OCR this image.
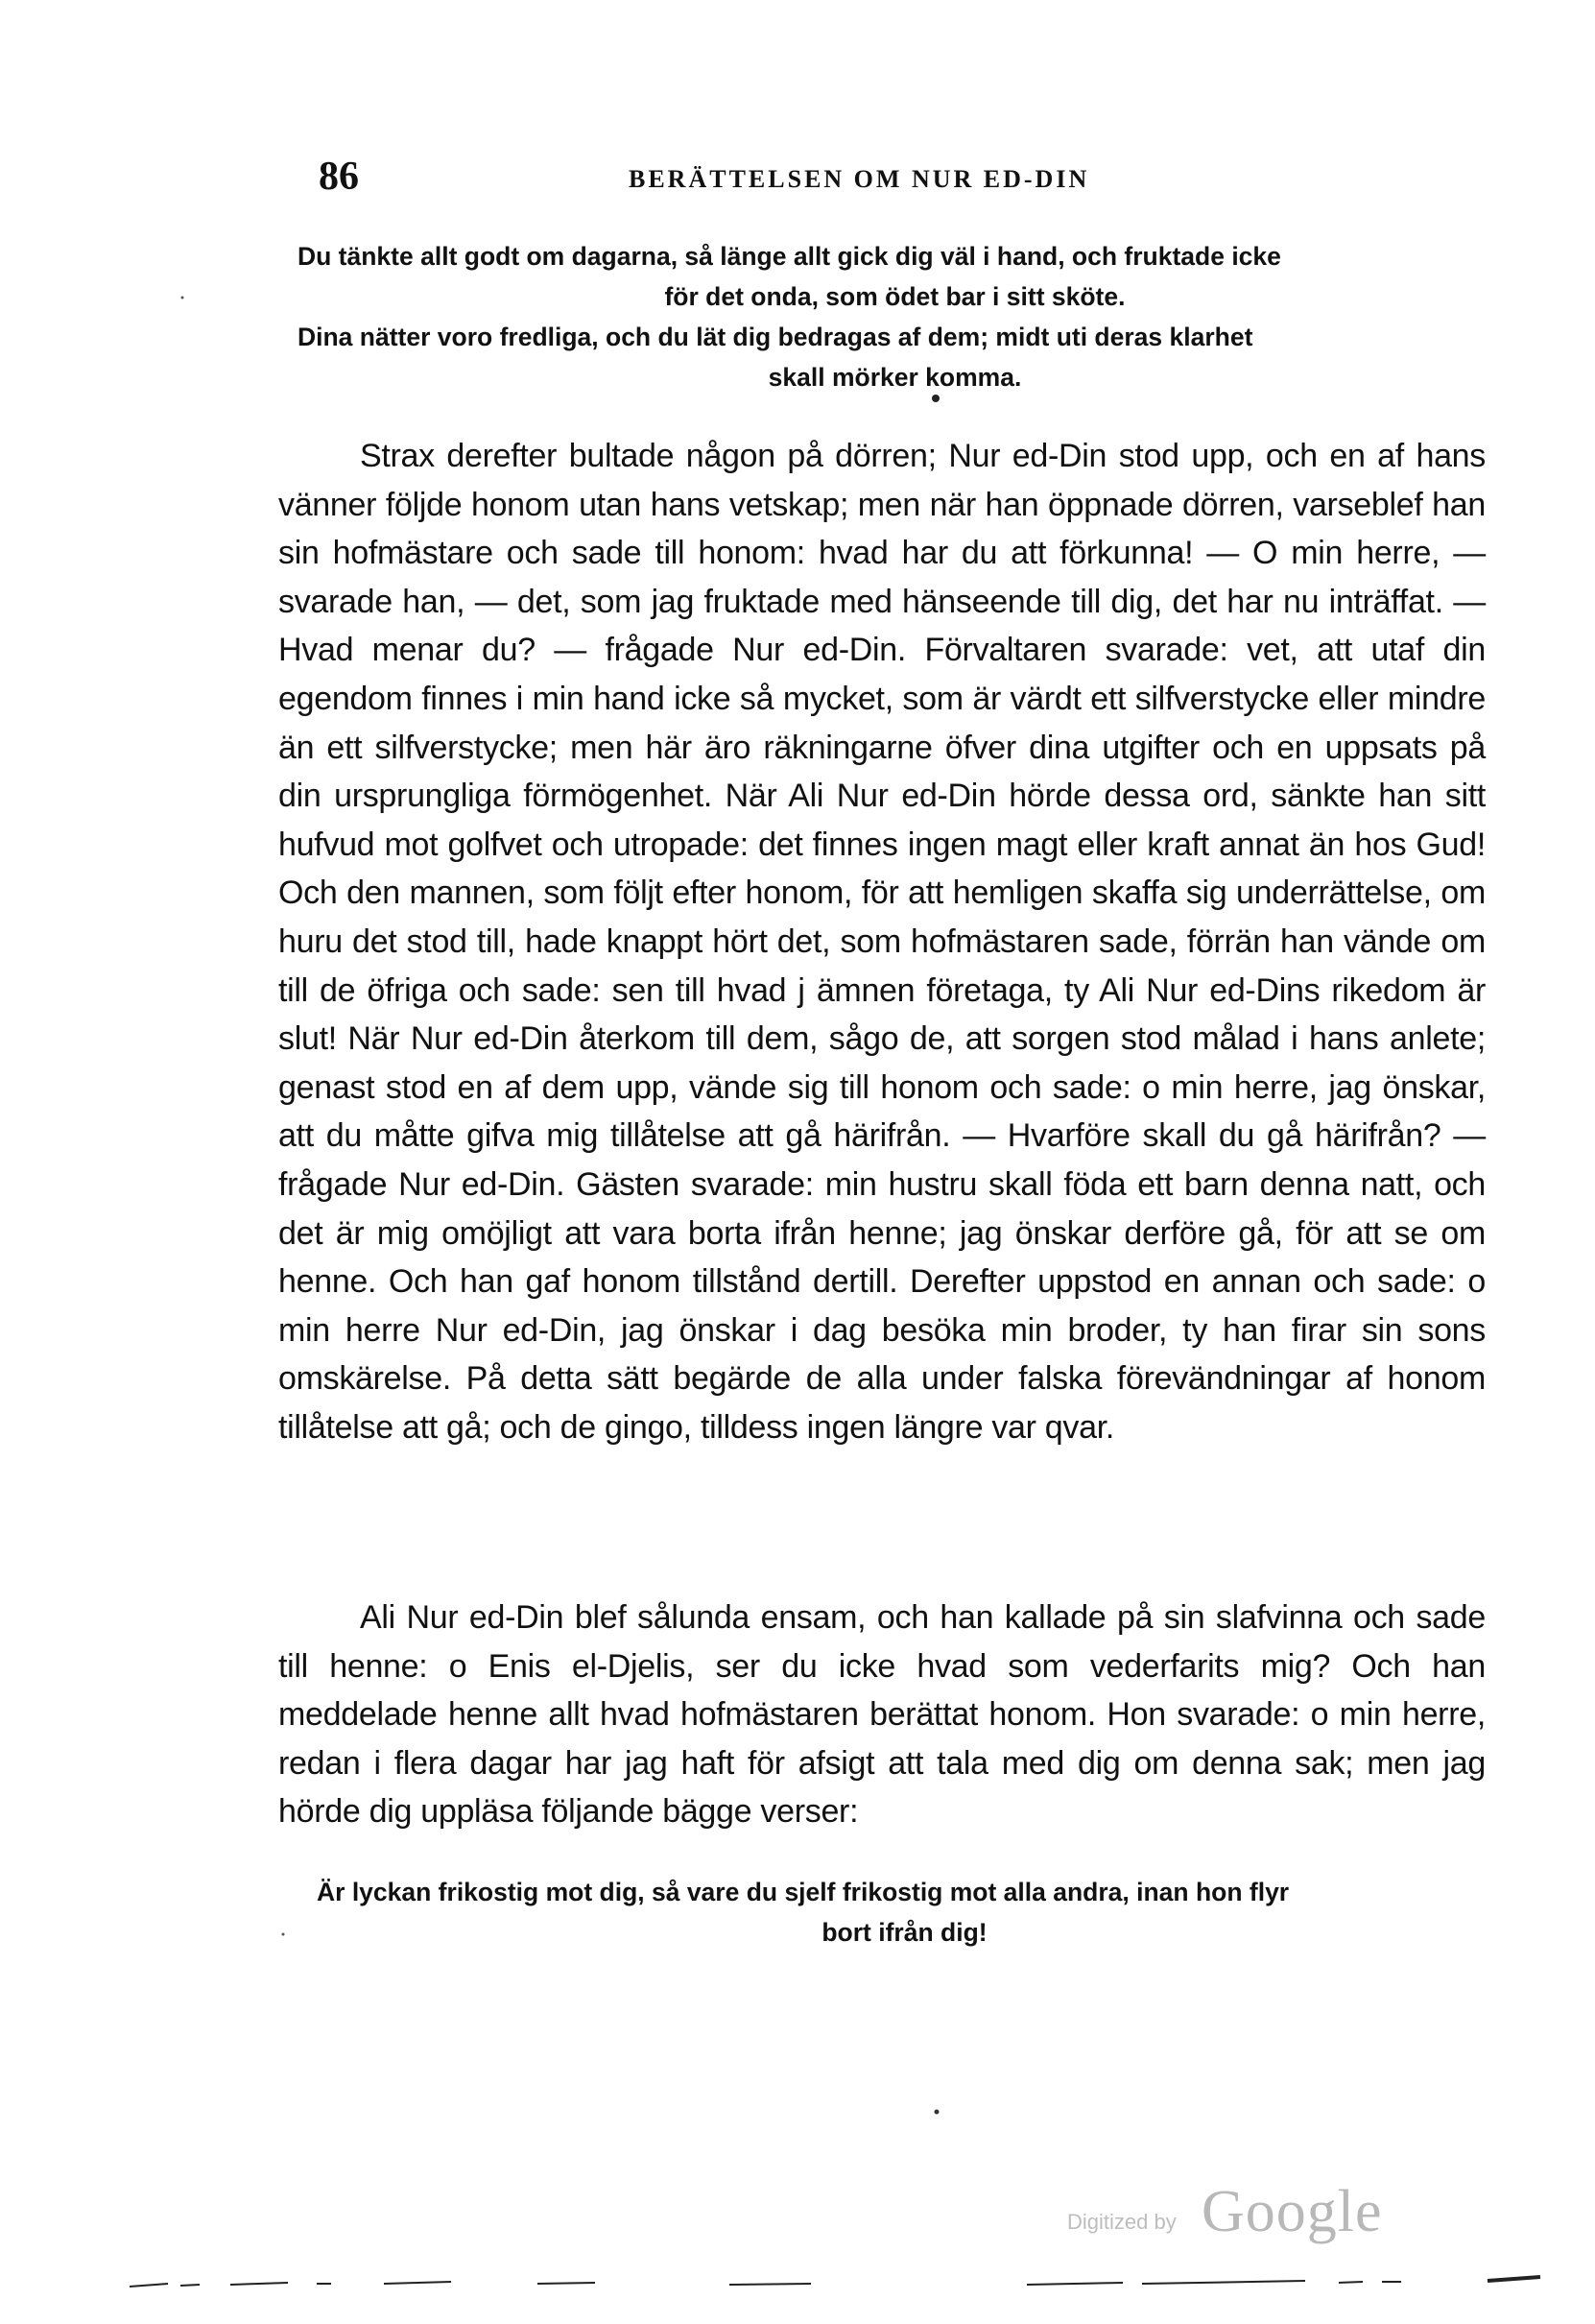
86	BERÄTTELSEN OM NUR ED-DIN
Du tänkte allt godt om dagarna, så länge allt gick dig väl i hand, och fruktade icke
för det onda, som ödet bar i sitt sköte.
Dina nätter voro fredliga, och du lät dig bedragas af dem; midt uti deras klarhet
skall mörker komma.

Strax derefter bultade någon på dörren; Nur ed-Din stod upp, och en af hans vänner följde honom utan hans vetskap; men när han öppnade dörren, varseblef han sin hofmästare och sade till honom: hvad har du att förkunna! — O min herre, — svarade han, — det, som jag fruktade med hänseende till dig, det har nu inträffat. — Hvad menar du? — frågade Nur ed-Din. Förvaltaren svarade: vet, att utaf din egendom finnes i min hand icke så mycket, som är värdt ett silfverstycke eller mindre än ett silfverstycke; men här äro räkningarne öfver dina utgifter och en uppsats på din ursprungliga förmögenhet. När Ali Nur ed-Din hörde dessa ord, sänkte han sitt hufvud mot golfvet och utropade: det finnes ingen magt eller kraft annat än hos Gud! Och den mannen, som följt efter honom, för att hemligen skaffa sig underrättelse, om huru det stod till, hade knappt hört det, som hofmästaren sade, förrän han vände om till de öfriga och sade: sen till hvad j ämnen företaga, ty Ali Nur ed-Dins rikedom är slut! När Nur ed-Din återkom till dem, sågo de, att sorgen stod målad i hans anlete; genast stod en af dem upp, vände sig till honom och sade: o min herre, jag önskar, att du måtte gifva mig tillåtelse att gå härifrån. — Hvarföre skall du gå härifrån? — frågade Nur ed-Din. Gästen svarade: min hustru skall föda ett barn denna natt, och det är mig omöjligt att vara borta ifrån henne; jag önskar derföre gå, för att se om henne. Och han gaf honom tillstånd dertill. Derefter uppstod en annan och sade: o min herre Nur ed-Din, jag önskar i dag besöka min broder, ty han firar sin sons omskärelse. På detta sätt begärde de alla under falska förevändningar af honom tillåtelse att gå; och de gingo, tilldess ingen längre var qvar.

Ali Nur ed-Din blef sålunda ensam, och han kallade på sin slafvinna och sade till henne: o Enis el-Djelis, ser du icke hvad som vederfarits mig? Och han meddelade henne allt hvad hofmästaren berättat honom. Hon svarade: o min herre, redan i flera dagar har jag haft för afsigt att tala med dig om denna sak; men jag hörde dig uppläsa följande bägge verser:

Är lyckan frikostig mot dig, så vare du sjelf frikostig mot alla andra, inan hon flyr
bort ifrån dig!
Digitized by Google
